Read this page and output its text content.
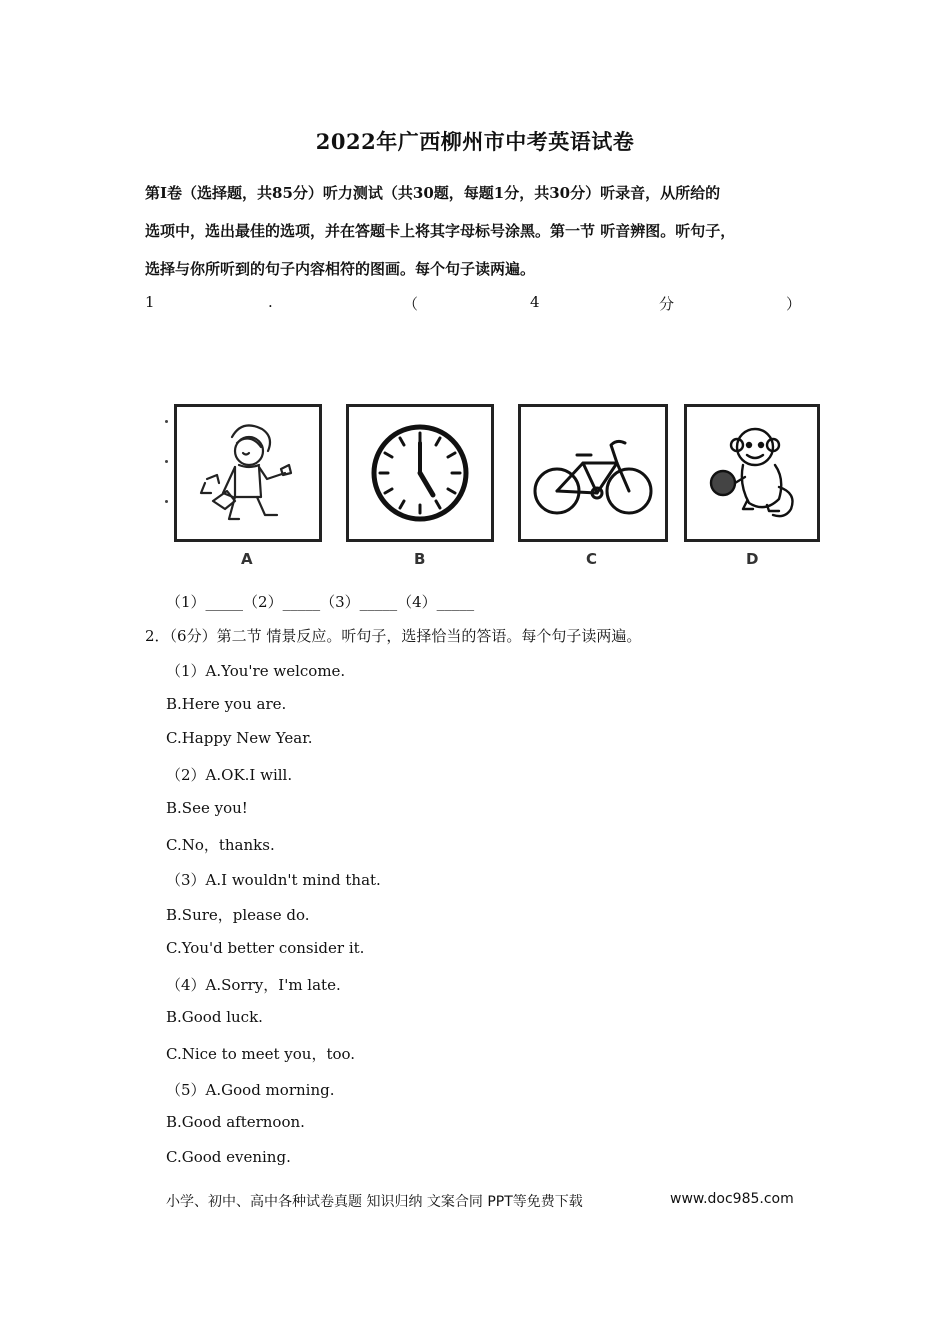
2022年广西柳州市中考英语试卷
第Ⅰ卷（选择题，共85分）听力测试（共30题，每题1分，共30分）听录音，从所给的
选项中，选出最佳的选项，并在答题卡上将其字母标号涂黑。第一节 听音辨图。听句子，
选择与你所听到的句子内容相符的图画。每个句子读两遍。
1	.	（	4	分	）
A	B	C	D
（1）_____（2）_____（3）_____（4）_____
2．（6分）第二节 情景反应。听句子，选择恰当的答语。每个句子读两遍。
（1）A.You're welcome.
B.Here you are.
C.Happy New Year.
（2）A.OK.I will.
B.See you!
C.No，thanks.
（3）A.I wouldn't mind that.
B.Sure，please do.
C.You'd better consider it.
（4）A.Sorry，I'm late.
B.Good luck.
C.Nice to meet you，too.
（5）A.Good morning.
B.Good afternoon.
C.Good evening.
小学、初中、高中各种试卷真题 知识归纳 文案合同 PPT等免费下载	www.doc985.com
